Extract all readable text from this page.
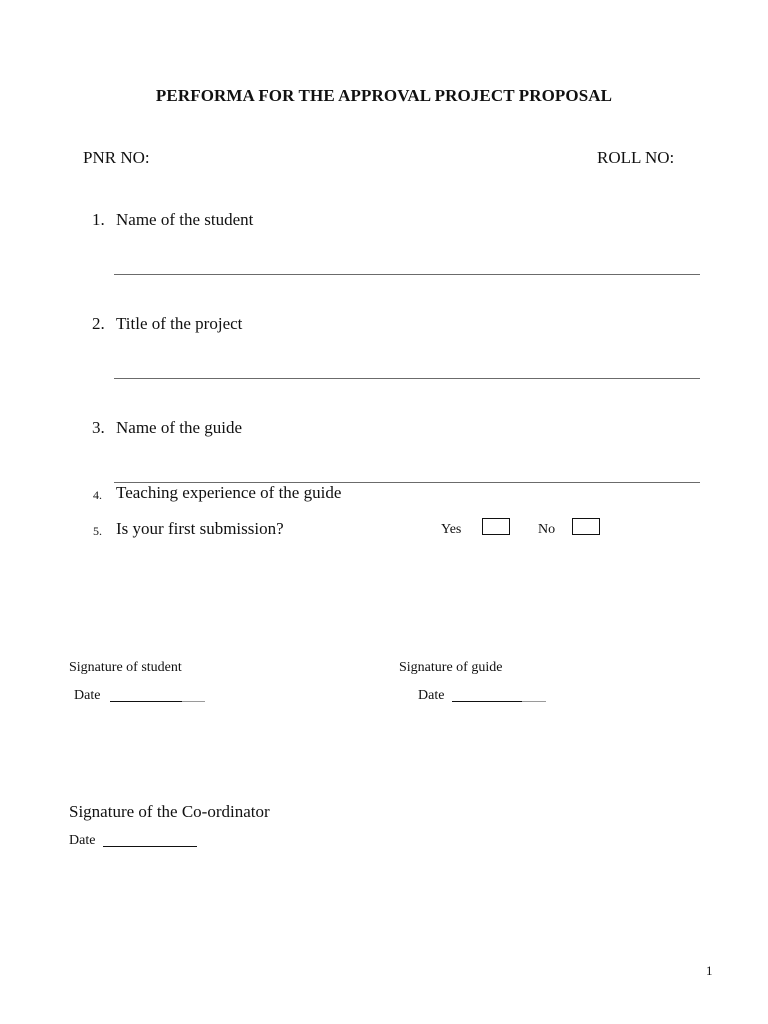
PERFORMA FOR THE APPROVAL PROJECT PROPOSAL
PNR NO:	ROLL NO:
1. Name of the student
2. Title of the project
3. Name of the guide
4. Teaching experience of the guide
5. Is your first submission?	Yes	No
Signature of student	Signature of guide
Date	Date
Signature of the Co-ordinator
Date
1
